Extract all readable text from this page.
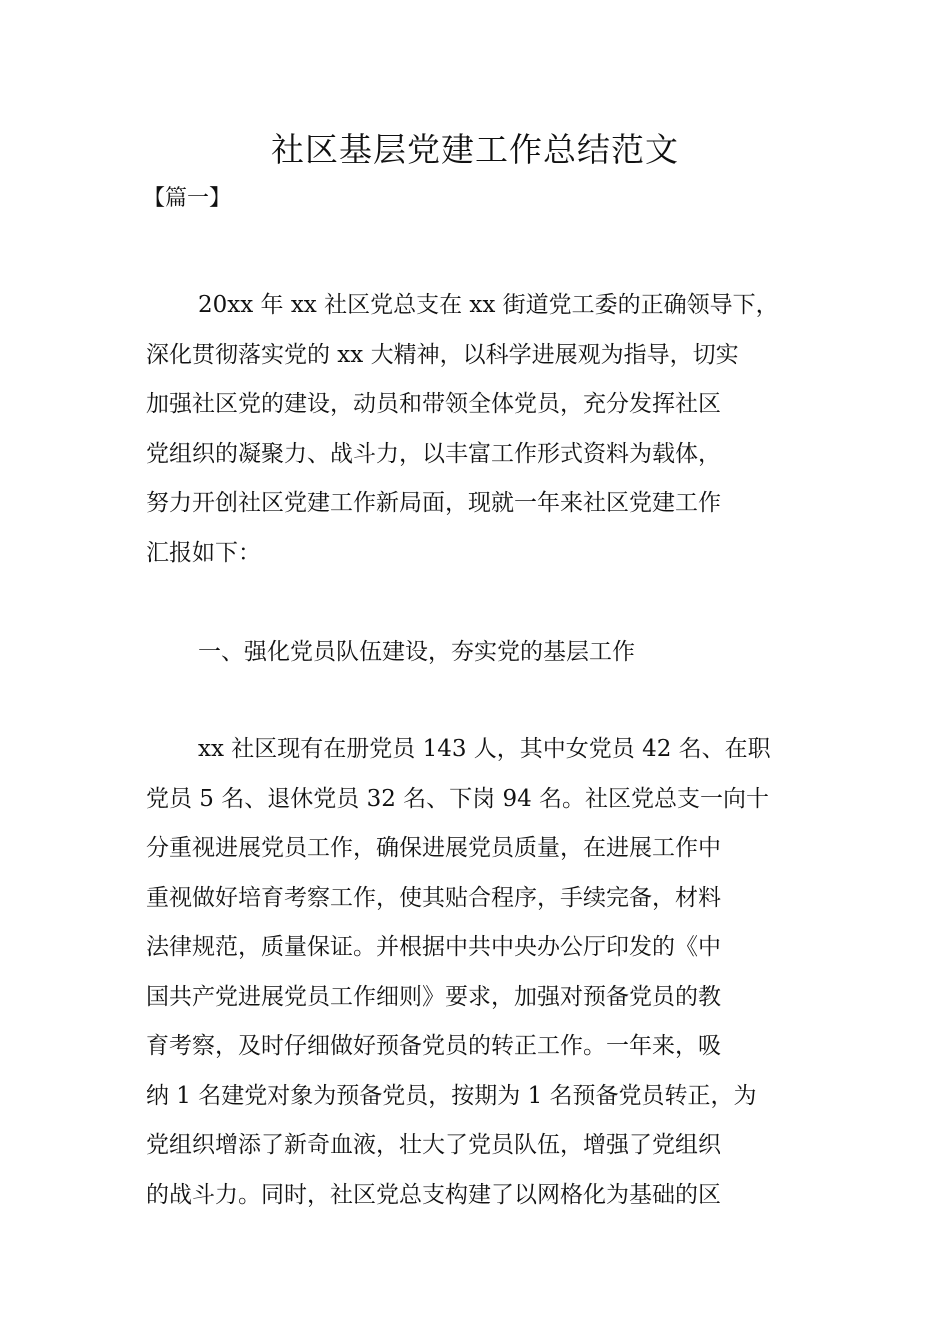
社区基层党建工作总结范文
【篇一】
20xx 年 xx 社区党总支在 xx 街道党工委的正确领导下，
深化贯彻落实党的 xx 大精神，以科学进展观为指导，切实
加强社区党的建设，动员和带领全体党员，充分发挥社区
党组织的凝聚力、战斗力，以丰富工作形式资料为载体，
努力开创社区党建工作新局面，现就一年来社区党建工作
汇报如下：
一、强化党员队伍建设，夯实党的基层工作
xx 社区现有在册党员 143 人，其中女党员 42 名、在职
党员 5 名、退休党员 32 名、下岗 94 名。社区党总支一向十
分重视进展党员工作，确保进展党员质量，在进展工作中
重视做好培育考察工作，使其贴合程序，手续完备，材料
法律规范，质量保证。并根据中共中央办公厅印发的《中
国共产党进展党员工作细则》要求，加强对预备党员的教
育考察，及时仔细做好预备党员的转正工作。一年来，吸
纳 1 名建党对象为预备党员，按期为 1 名预备党员转正，为
党组织增添了新奇血液，壮大了党员队伍，增强了党组织
的战斗力。同时，社区党总支构建了以网格化为基础的区
